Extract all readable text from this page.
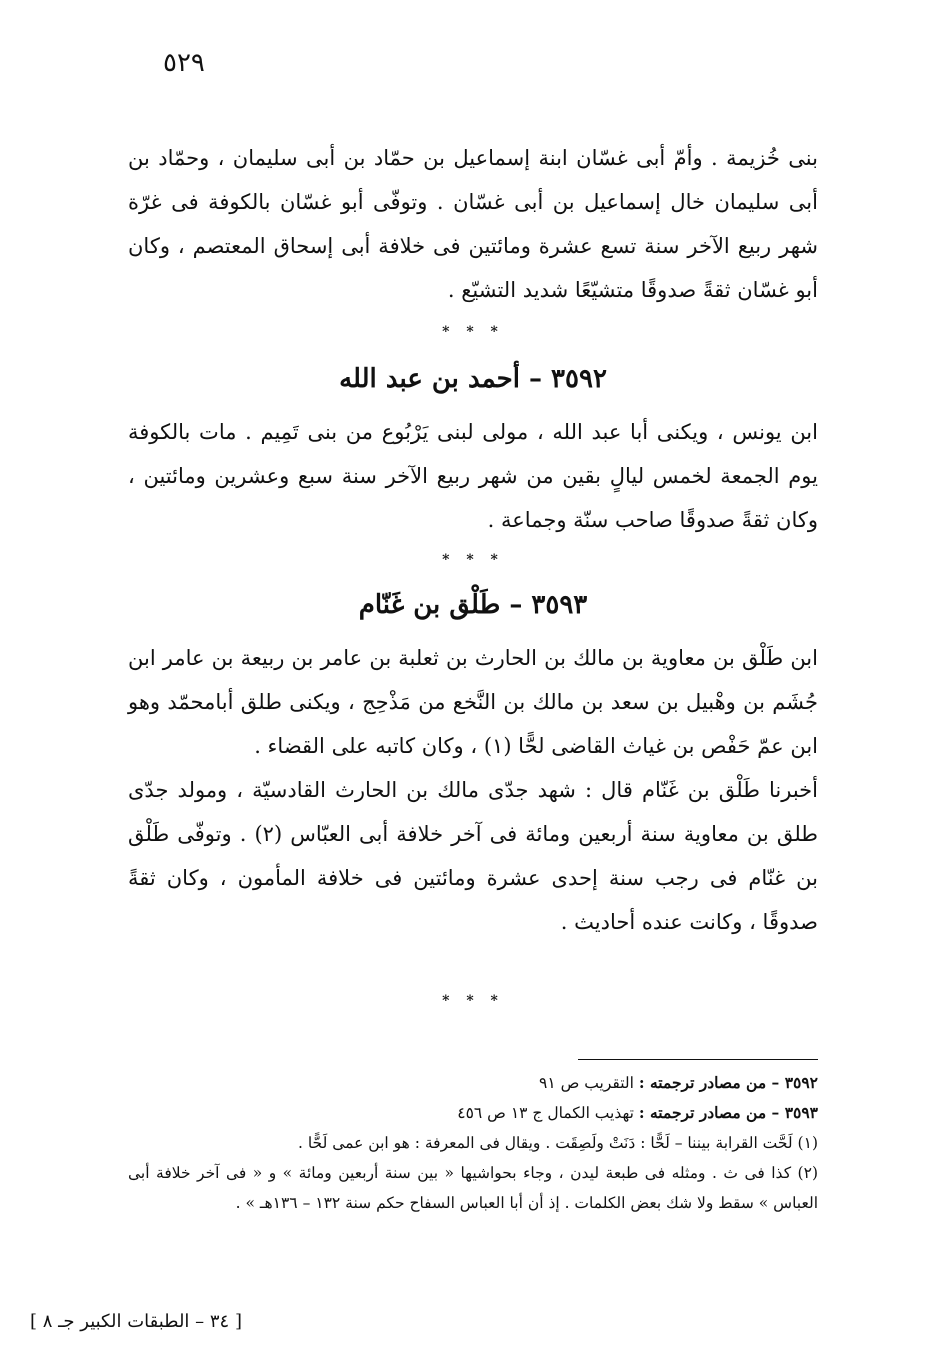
٥٢٩

بنى خُزيمة . وأمّ أبى غسّان ابنة إسماعيل بن حمّاد بن أبى سليمان ، وحمّاد بن أبى سليمان خال إسماعيل بن أبى غسّان . وتوفّى أبو غسّان بالكوفة فى غرّة شهر ربيع الآخر سنة تسع عشرة ومائتين فى خلافة أبى إسحاق المعتصم ، وكان أبو غسّان ثقةً صدوقًا متشيّعًا شديد التشيّع .

* * *
٣٥٩٢ – أحمد بن عبد الله

ابن يونس ، ويكنى أبا عبد الله ، مولى لبنى يَرْبُوع من بنى تَمِيم . مات بالكوفة يوم الجمعة لخمس ليالٍ بقين من شهر ربيع الآخر سنة سبع وعشرين ومائتين ، وكان ثقةً صدوقًا صاحب سنّة وجماعة .

* * *
٣٥٩٣ – طَلْق بن غَنّام

ابن طَلْق بن معاوية بن مالك بن الحارث بن ثعلبة بن عامر بن ربيعة بن عامر ابن جُشَم بن وهْبيل بن سعد بن مالك بن النَّخع من مَذْحِج ، ويكنى طلق أبامحمّد وهو ابن عمّ حَفْص بن غياث القاضى لحًّا (١) ، وكان كاتبه على القضاء .

أخبرنا طَلْق بن غَنّام قال : شهد جدّى مالك بن الحارث القادسيّة ، ومولد جدّى طلق بن معاوية سنة أربعين ومائة فى آخر خلافة أبى العبّاس (٢) . وتوفّى طَلْق بن غنّام فى رجب سنة إحدى عشرة ومائتين فى خلافة المأمون ، وكان ثقةً صدوقًا ، وكانت عنده أحاديث .

* * *
٣٥٩٢ – من مصادر ترجمته : التقريب ص ٩١
٣٥٩٣ – من مصادر ترجمته : تهذيب الكمال ج ١٣ ص ٤٥٦
(١) لَحَّت القرابة بيننا – لَحًّا : دَنَتْ ولَصِقَت . ويقال فى المعرفة : هو ابن عمى لَحًّا .
(٢) كذا فى ث . ومثله فى طبعة ليدن ، وجاء بحواشيها « بين سنة أربعين ومائة » و « فى آخر خلافة أبى العباس » سقط ولا شك بعض الكلمات . إذ أن أبا العباس السفاح حكم سنة ١٣٢ – ١٣٦هـ » .
[ ٣٤ – الطبقات الكبير جـ ٨ ]
